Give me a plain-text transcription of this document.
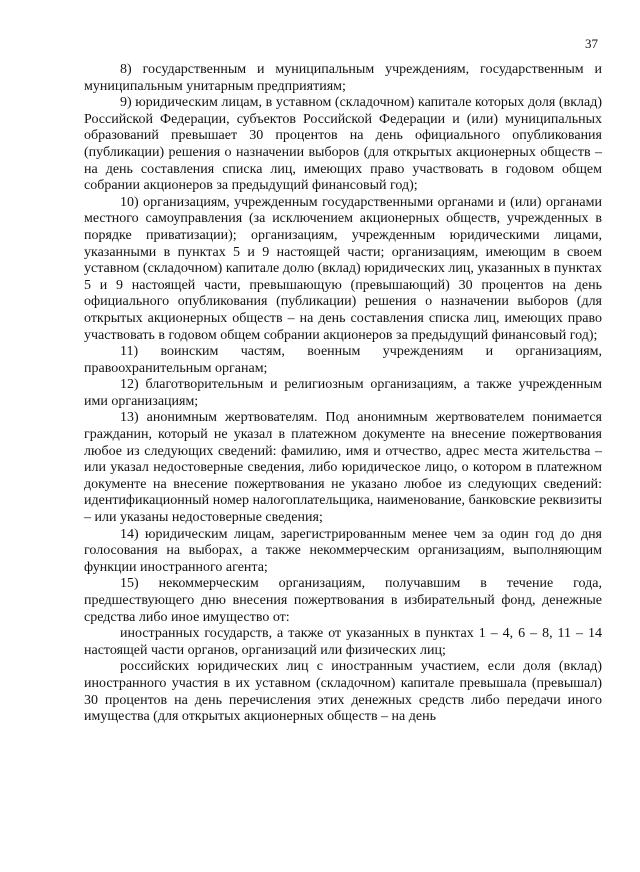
37

8) государственным и муниципальным учреждениям, государственным и муниципальным унитарным предприятиям;

9) юридическим лицам, в уставном (складочном) капитале которых доля (вклад) Российской Федерации, субъектов Российской Федерации и (или) муниципальных образований превышает 30 процентов на день официального опубликования (публикации) решения о назначении выборов (для открытых акционерных обществ – на день составления списка лиц, имеющих право участвовать в годовом общем собрании акционеров за предыдущий финансовый год);

10) организациям, учрежденным государственными органами и (или) органами местного самоуправления (за исключением акционерных обществ, учрежденных в порядке приватизации); организациям, учрежденным юридическими лицами, указанными в пунктах 5 и 9 настоящей части; организациям, имеющим в своем уставном (складочном) капитале долю (вклад) юридических лиц, указанных в пунктах 5 и 9 настоящей части, превышающую (превышающий) 30 процентов на день официального опубликования (публикации) решения о назначении выборов (для открытых акционерных обществ – на день составления списка лиц, имеющих право участвовать в годовом общем собрании акционеров за предыдущий финансовый год);

11) воинским частям, военным учреждениям и организациям, правоохранительным органам;

12) благотворительным и религиозным организациям, а также учрежденным ими организациям;

13) анонимным жертвователям. Под анонимным жертвователем понимается гражданин, который не указал в платежном документе на внесение пожертвования любое из следующих сведений: фамилию, имя и отчество, адрес места жительства – или указал недостоверные сведения, либо юридическое лицо, о котором в платежном документе на внесение пожертвования не указано любое из следующих сведений: идентификационный номер налогоплательщика, наименование, банковские реквизиты – или указаны недостоверные сведения;

14) юридическим лицам, зарегистрированным менее чем за один год до дня голосования на выборах, а также некоммерческим организациям, выполняющим функции иностранного агента;

15) некоммерческим организациям, получавшим в течение года, предшествующего дню внесения пожертвования в избирательный фонд, денежные средства либо иное имущество от:

иностранных государств, а также от указанных в пунктах 1 – 4, 6 – 8, 11 – 14 настоящей части органов, организаций или физических лиц;

российских юридических лиц с иностранным участием, если доля (вклад) иностранного участия в их уставном (складочном) капитале превышала (превышал) 30 процентов на день перечисления этих денежных средств либо передачи иного имущества (для открытых акционерных обществ – на день
